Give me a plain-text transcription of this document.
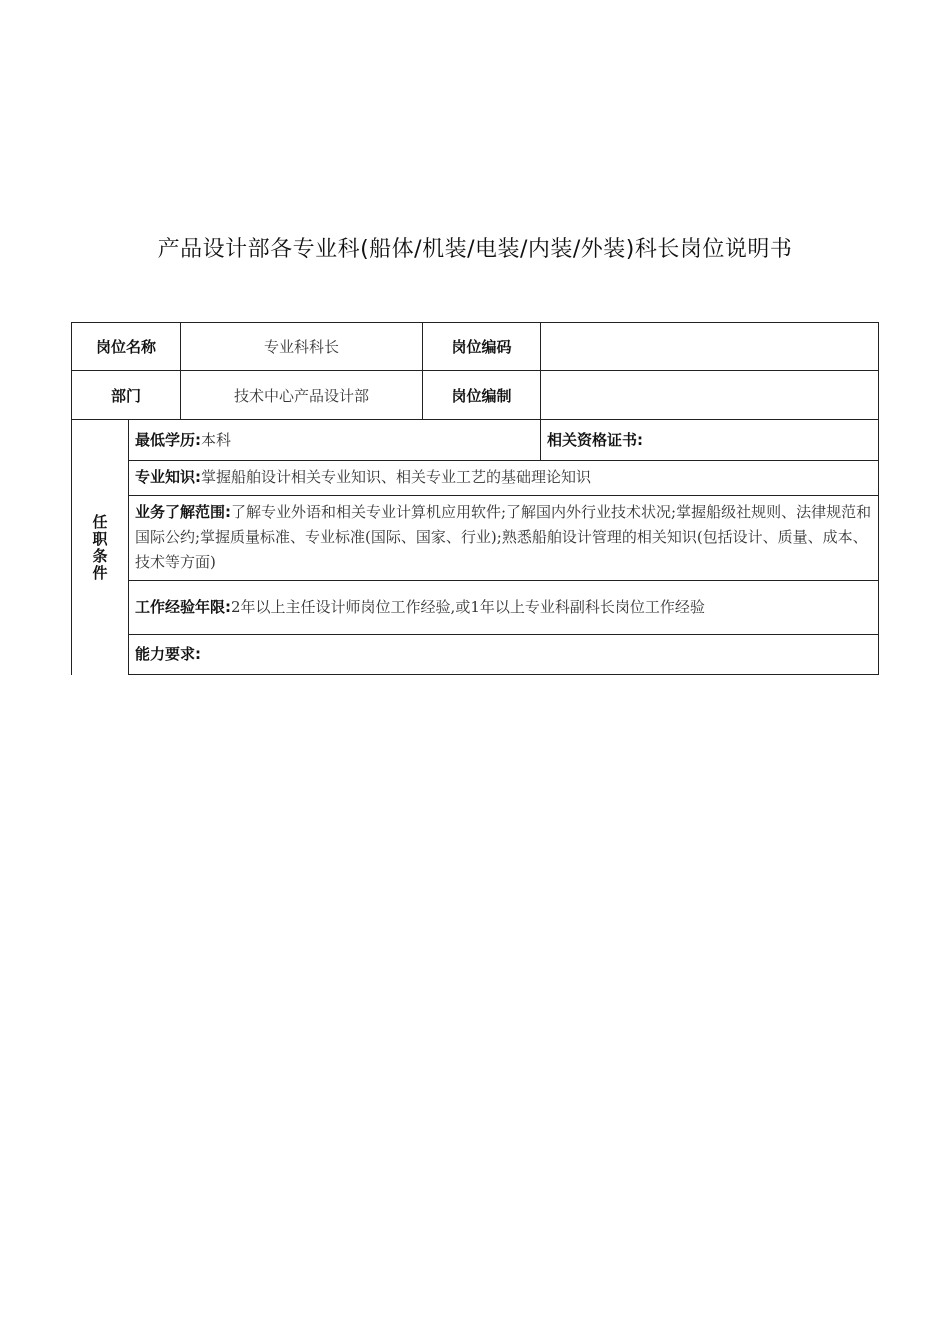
产品设计部各专业科(船体/机装/电装/内装/外装)科长岗位说明书
岗位名称	专业科科长	岗位编码
部门	技术中心产品设计部	岗位编制
任
职
条
件
最低学历:本科	相关资格证书:
专业知识:掌握船舶设计相关专业知识、相关专业工艺的基础理论知识
业务了解范围:了解专业外语和相关专业计算机应用软件;了解国内外行业技术状况;掌握船级社规则、法律规范和国际公约;掌握质量标准、专业标准(国际、国家、行业);熟悉船舶设计管理的相关知识(包括设计、质量、成本、技术等方面)
工作经验年限:2年以上主任设计师岗位工作经验,或1年以上专业科副科长岗位工作经验
能力要求:
